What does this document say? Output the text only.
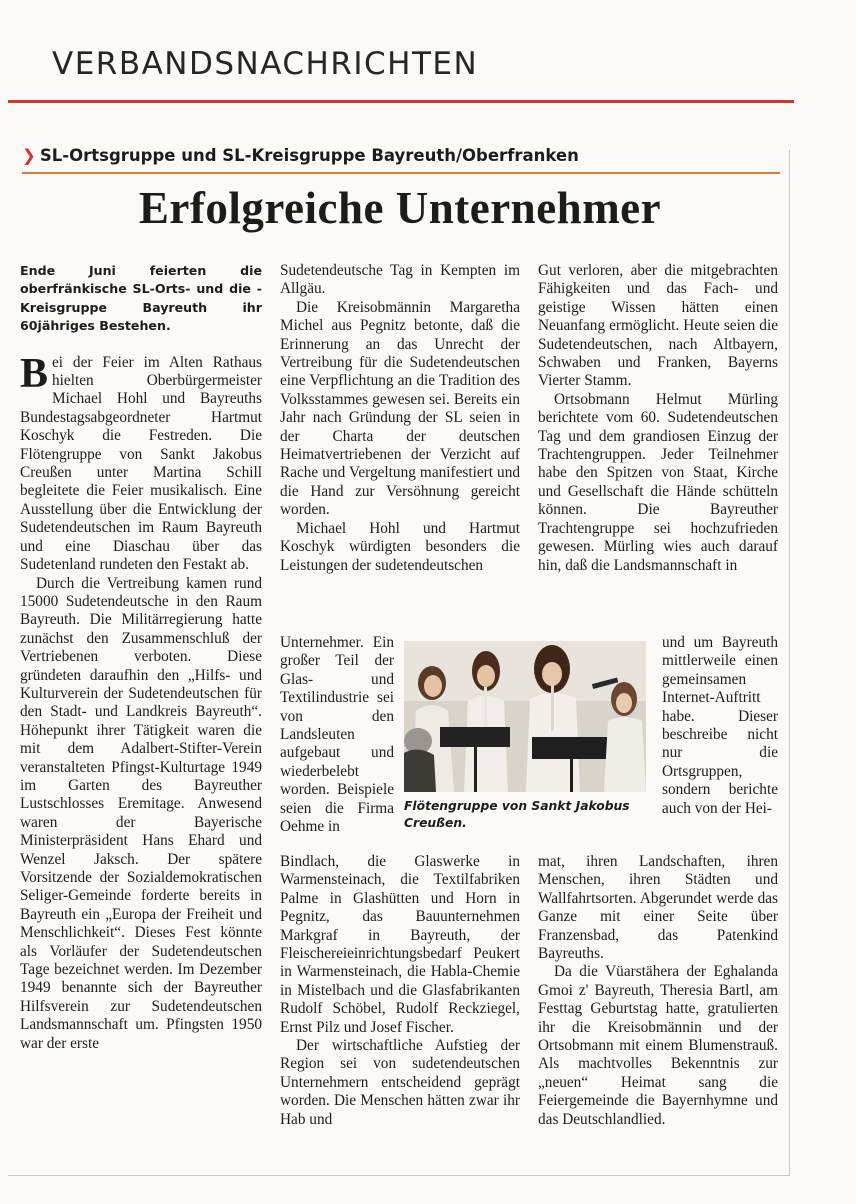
VERBANDSNACHRICHTEN
❯ SL-Ortsgruppe und SL-Kreisgruppe Bayreuth/Oberfranken
Erfolgreiche Unternehmer

Ende Juni feierten die oberfränkische SL-Orts- und die -Kreisgruppe Bayreuth ihr 60jähriges Bestehen.

Bei der Feier im Alten Rathaus hielten Oberbürgermeister Michael Hohl und Bayreuths Bundestagsabgeordneter Hartmut Koschyk die Festreden. Die Flötengruppe von Sankt Jakobus Creußen unter Martina Schill begleitete die Feier musikalisch. Eine Ausstellung über die Entwicklung der Sudetendeutschen im Raum Bayreuth und eine Diaschau über das Sudetenland rundeten den Festakt ab.

Durch die Vertreibung kamen rund 15000 Sudetendeutsche in den Raum Bayreuth. Die Militärregierung hatte zunächst den Zusammenschluß der Vertriebenen verboten. Diese gründeten daraufhin den „Hilfs- und Kulturverein der Sudetendeutschen für den Stadt- und Landkreis Bayreuth“. Höhepunkt ihrer Tätigkeit waren die mit dem Adalbert-Stifter-Verein veranstalteten Pfingst-Kulturtage 1949 im Garten des Bayreuther Lustschlosses Eremitage. Anwesend waren der Bayerische Ministerpräsident Hans Ehard und Wenzel Jaksch. Der spätere Vorsitzende der Sozialdemokratischen Seliger-Gemeinde forderte bereits in Bayreuth ein „Europa der Freiheit und Menschlichkeit“. Dieses Fest könnte als Vorläufer der Sudetendeutschen Tage bezeichnet werden. Im Dezember 1949 benannte sich der Bayreuther Hilfsverein zur Sudetendeutschen Landsmannschaft um. Pfingsten 1950 war der erste

Sudetendeutsche Tag in Kempten im Allgäu.

Die Kreisobmännin Margaretha Michel aus Pegnitz betonte, daß die Erinnerung an das Unrecht der Vertreibung für die Sudetendeutschen eine Verpflichtung an die Tradition des Volksstammes gewesen sei. Bereits ein Jahr nach Gründung der SL seien in der Charta der deutschen Heimatvertriebenen der Verzicht auf Rache und Vergeltung manifestiert und die Hand zur Versöhnung gereicht worden.

Michael Hohl und Hartmut Koschyk würdigten besonders die Leistungen der sudetendeutschen

Unternehmer. Ein großer Teil der Glas- und Textilindustrie sei von den Landsleuten aufgebaut und wiederbelebt worden. Beispiele seien die Firma Oehme in

Bindlach, die Glaswerke in Warmensteinach, die Textilfabriken Palme in Glashütten und Horn in Pegnitz, das Bauunternehmen Markgraf in Bayreuth, der Fleischereieinrichtungsbedarf Peukert in Warmensteinach, die Habla-Chemie in Mistelbach und die Glasfabrikanten Rudolf Schöbel, Rudolf Reckziegel, Ernst Pilz und Josef Fischer.

Der wirtschaftliche Aufstieg der Region sei von sudetendeutschen Unternehmern entscheidend geprägt worden. Die Menschen hätten zwar ihr Hab und

Gut verloren, aber die mitgebrachten Fähigkeiten und das Fach- und geistige Wissen hätten einen Neuanfang ermöglicht. Heute seien die Sudetendeutschen, nach Altbayern, Schwaben und Franken, Bayerns Vierter Stamm.

Ortsobmann Helmut Mürling berichtete vom 60. Sudetendeutschen Tag und dem grandiosen Einzug der Trachtengruppen. Jeder Teilnehmer habe den Spitzen von Staat, Kirche und Gesellschaft die Hände schütteln können. Die Bayreuther Trachtengruppe sei hochzufrieden gewesen. Mürling wies auch darauf hin, daß die Landsmannschaft in

und um Bayreuth mittlerweile einen gemeinsamen Internet-Auftritt habe. Dieser beschreibe nicht nur die Ortsgruppen, sondern berichte auch von der Hei-

mat, ihren Landschaften, ihren Menschen, ihren Städten und Wallfahrtsorten. Abgerundet werde das Ganze mit einer Seite über Franzensbad, das Patenkind Bayreuths.

Da die Vüarstähera der Eghalanda Gmoi z' Bayreuth, Theresia Bartl, am Festtag Geburtstag hatte, gratulierten ihr die Kreisobmännin und der Ortsobmann mit einem Blumenstrauß. Als machtvolles Bekenntnis zur „neuen“ Heimat sang die Feiergemeinde die Bayernhymne und das Deutschlandlied.

Flötengruppe von Sankt Jakobus Creußen.
